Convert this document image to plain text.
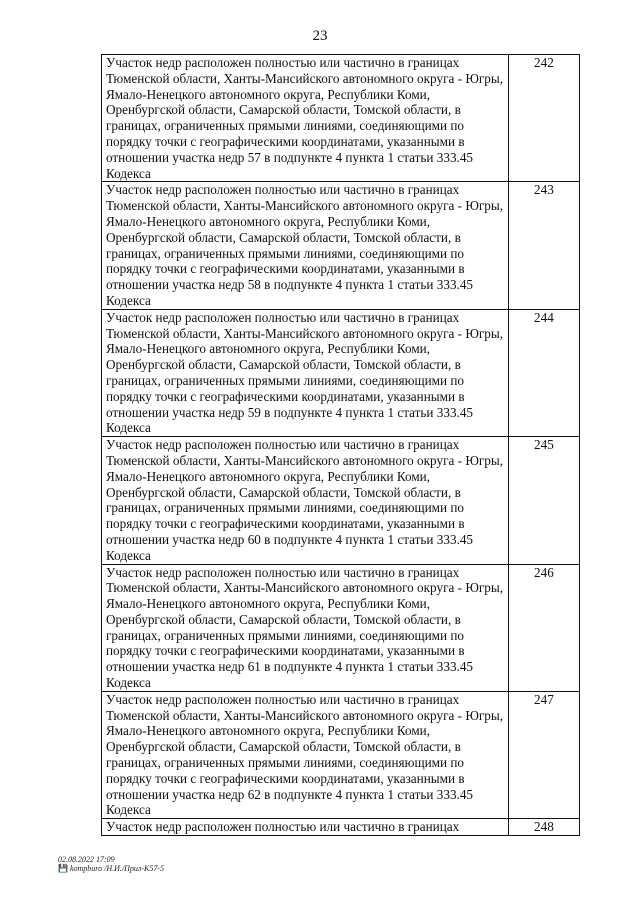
23
Участок недр расположен полностью или частично в границах Тюменской области, Ханты-Мансийского автономного округа - Югры, Ямало-Ненецкого автономного округа, Республики Коми, Оренбургской области, Самарской области, Томской области, в границах, ограниченных прямыми линиями, соединяющими по порядку точки с географическими координатами, указанными в отношении участка недр 57 в подпункте 4 пункта 1 статьи 333.45 Кодекса	242
Участок недр расположен полностью или частично в границах Тюменской области, Ханты-Мансийского автономного округа - Югры, Ямало-Ненецкого автономного округа, Республики Коми, Оренбургской области, Самарской области, Томской области, в границах, ограниченных прямыми линиями, соединяющими по порядку точки с географическими координатами, указанными в отношении участка недр 58 в подпункте 4 пункта 1 статьи 333.45 Кодекса	243
Участок недр расположен полностью или частично в границах Тюменской области, Ханты-Мансийского автономного округа - Югры, Ямало-Ненецкого автономного округа, Республики Коми, Оренбургской области, Самарской области, Томской области, в границах, ограниченных прямыми линиями, соединяющими по порядку точки с географическими координатами, указанными в отношении участка недр 59 в подпункте 4 пункта 1 статьи 333.45 Кодекса	244
Участок недр расположен полностью или частично в границах Тюменской области, Ханты-Мансийского автономного округа - Югры, Ямало-Ненецкого автономного округа, Республики Коми, Оренбургской области, Самарской области, Томской области, в границах, ограниченных прямыми линиями, соединяющими по порядку точки с географическими координатами, указанными в отношении участка недр 60 в подпункте 4 пункта 1 статьи 333.45 Кодекса	245
Участок недр расположен полностью или частично в границах Тюменской области, Ханты-Мансийского автономного округа - Югры, Ямало-Ненецкого автономного округа, Республики Коми, Оренбургской области, Самарской области, Томской области, в границах, ограниченных прямыми линиями, соединяющими по порядку точки с географическими координатами, указанными в отношении участка недр 61 в подпункте 4 пункта 1 статьи 333.45 Кодекса	246
Участок недр расположен полностью или частично в границах Тюменской области, Ханты-Мансийского автономного округа - Югры, Ямало-Ненецкого автономного округа, Республики Коми, Оренбургской области, Самарской области, Томской области, в границах, ограниченных прямыми линиями, соединяющими по порядку точки с географическими координатами, указанными в отношении участка недр 62 в подпункте 4 пункта 1 статьи 333.45 Кодекса	247
Участок недр расположен полностью или частично в границах	248
02.08.2022 17:09
💾 kompburo /Н.И./Прил-К57-5
